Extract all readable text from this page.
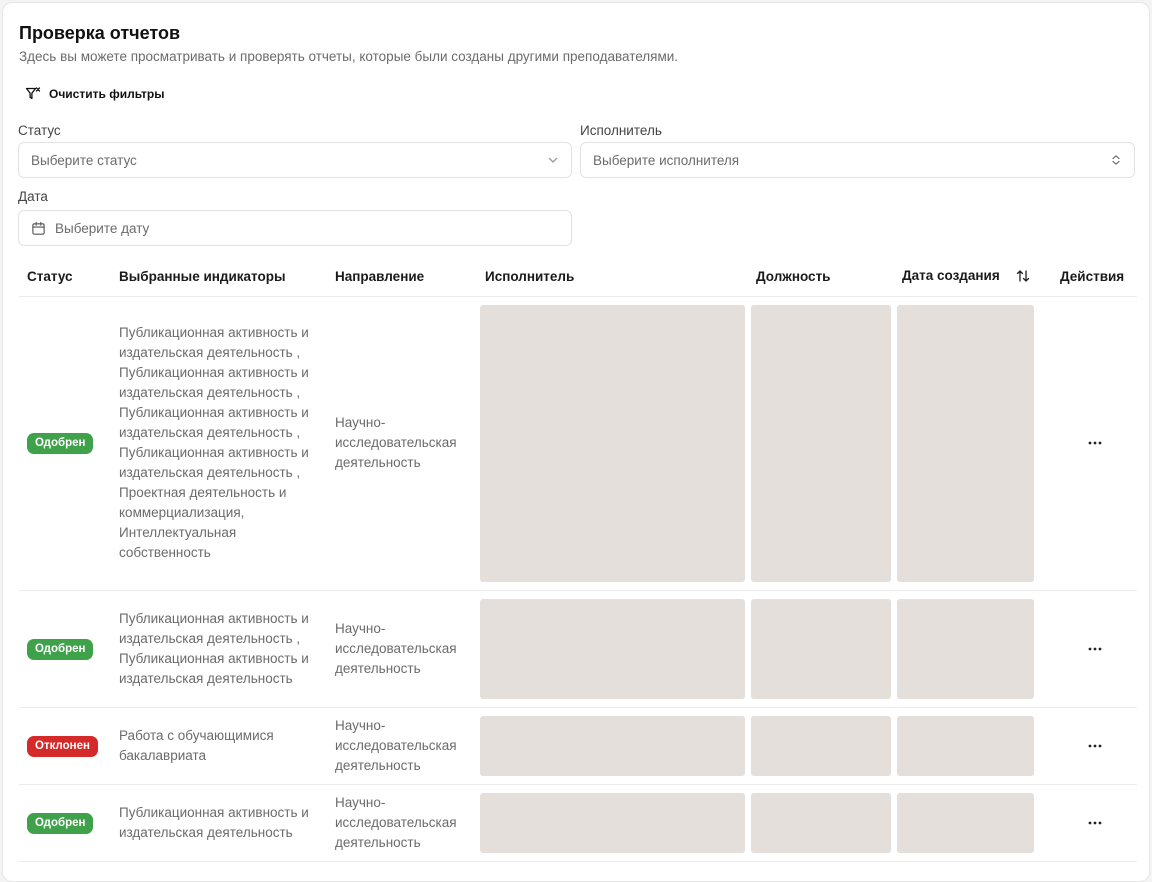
Проверка отчетов
Здесь вы можете просматривать и проверять отчеты, которые были созданы другими преподавателями.
Очистить фильтры
Статус
Выберите статус
Исполнитель
Выберите исполнителя
Дата
Выберите дату
Статус	Выбранные индикаторы	Направление	Исполнитель	Должность	Дата создания	Действия
Одобрен	Публикационная активность и издательская деятельность , Публикационная активность и издательская деятельность , Публикационная активность и издательская деятельность , Публикационная активность и издательская деятельность , Проектная деятельность и коммерциализация, Интеллектуальная собственность	Научно-исследовательская деятельность	

Одобрен	Публикационная активность и издательская деятельность , Публикационная активность и издательская деятельность	Научно-исследовательская деятельность	

Отклонен	Работа с обучающимися бакалавриата	Научно-исследовательская деятельность	

Одобрен	Публикационная активность и издательская деятельность	Научно-исследовательская деятельность	
